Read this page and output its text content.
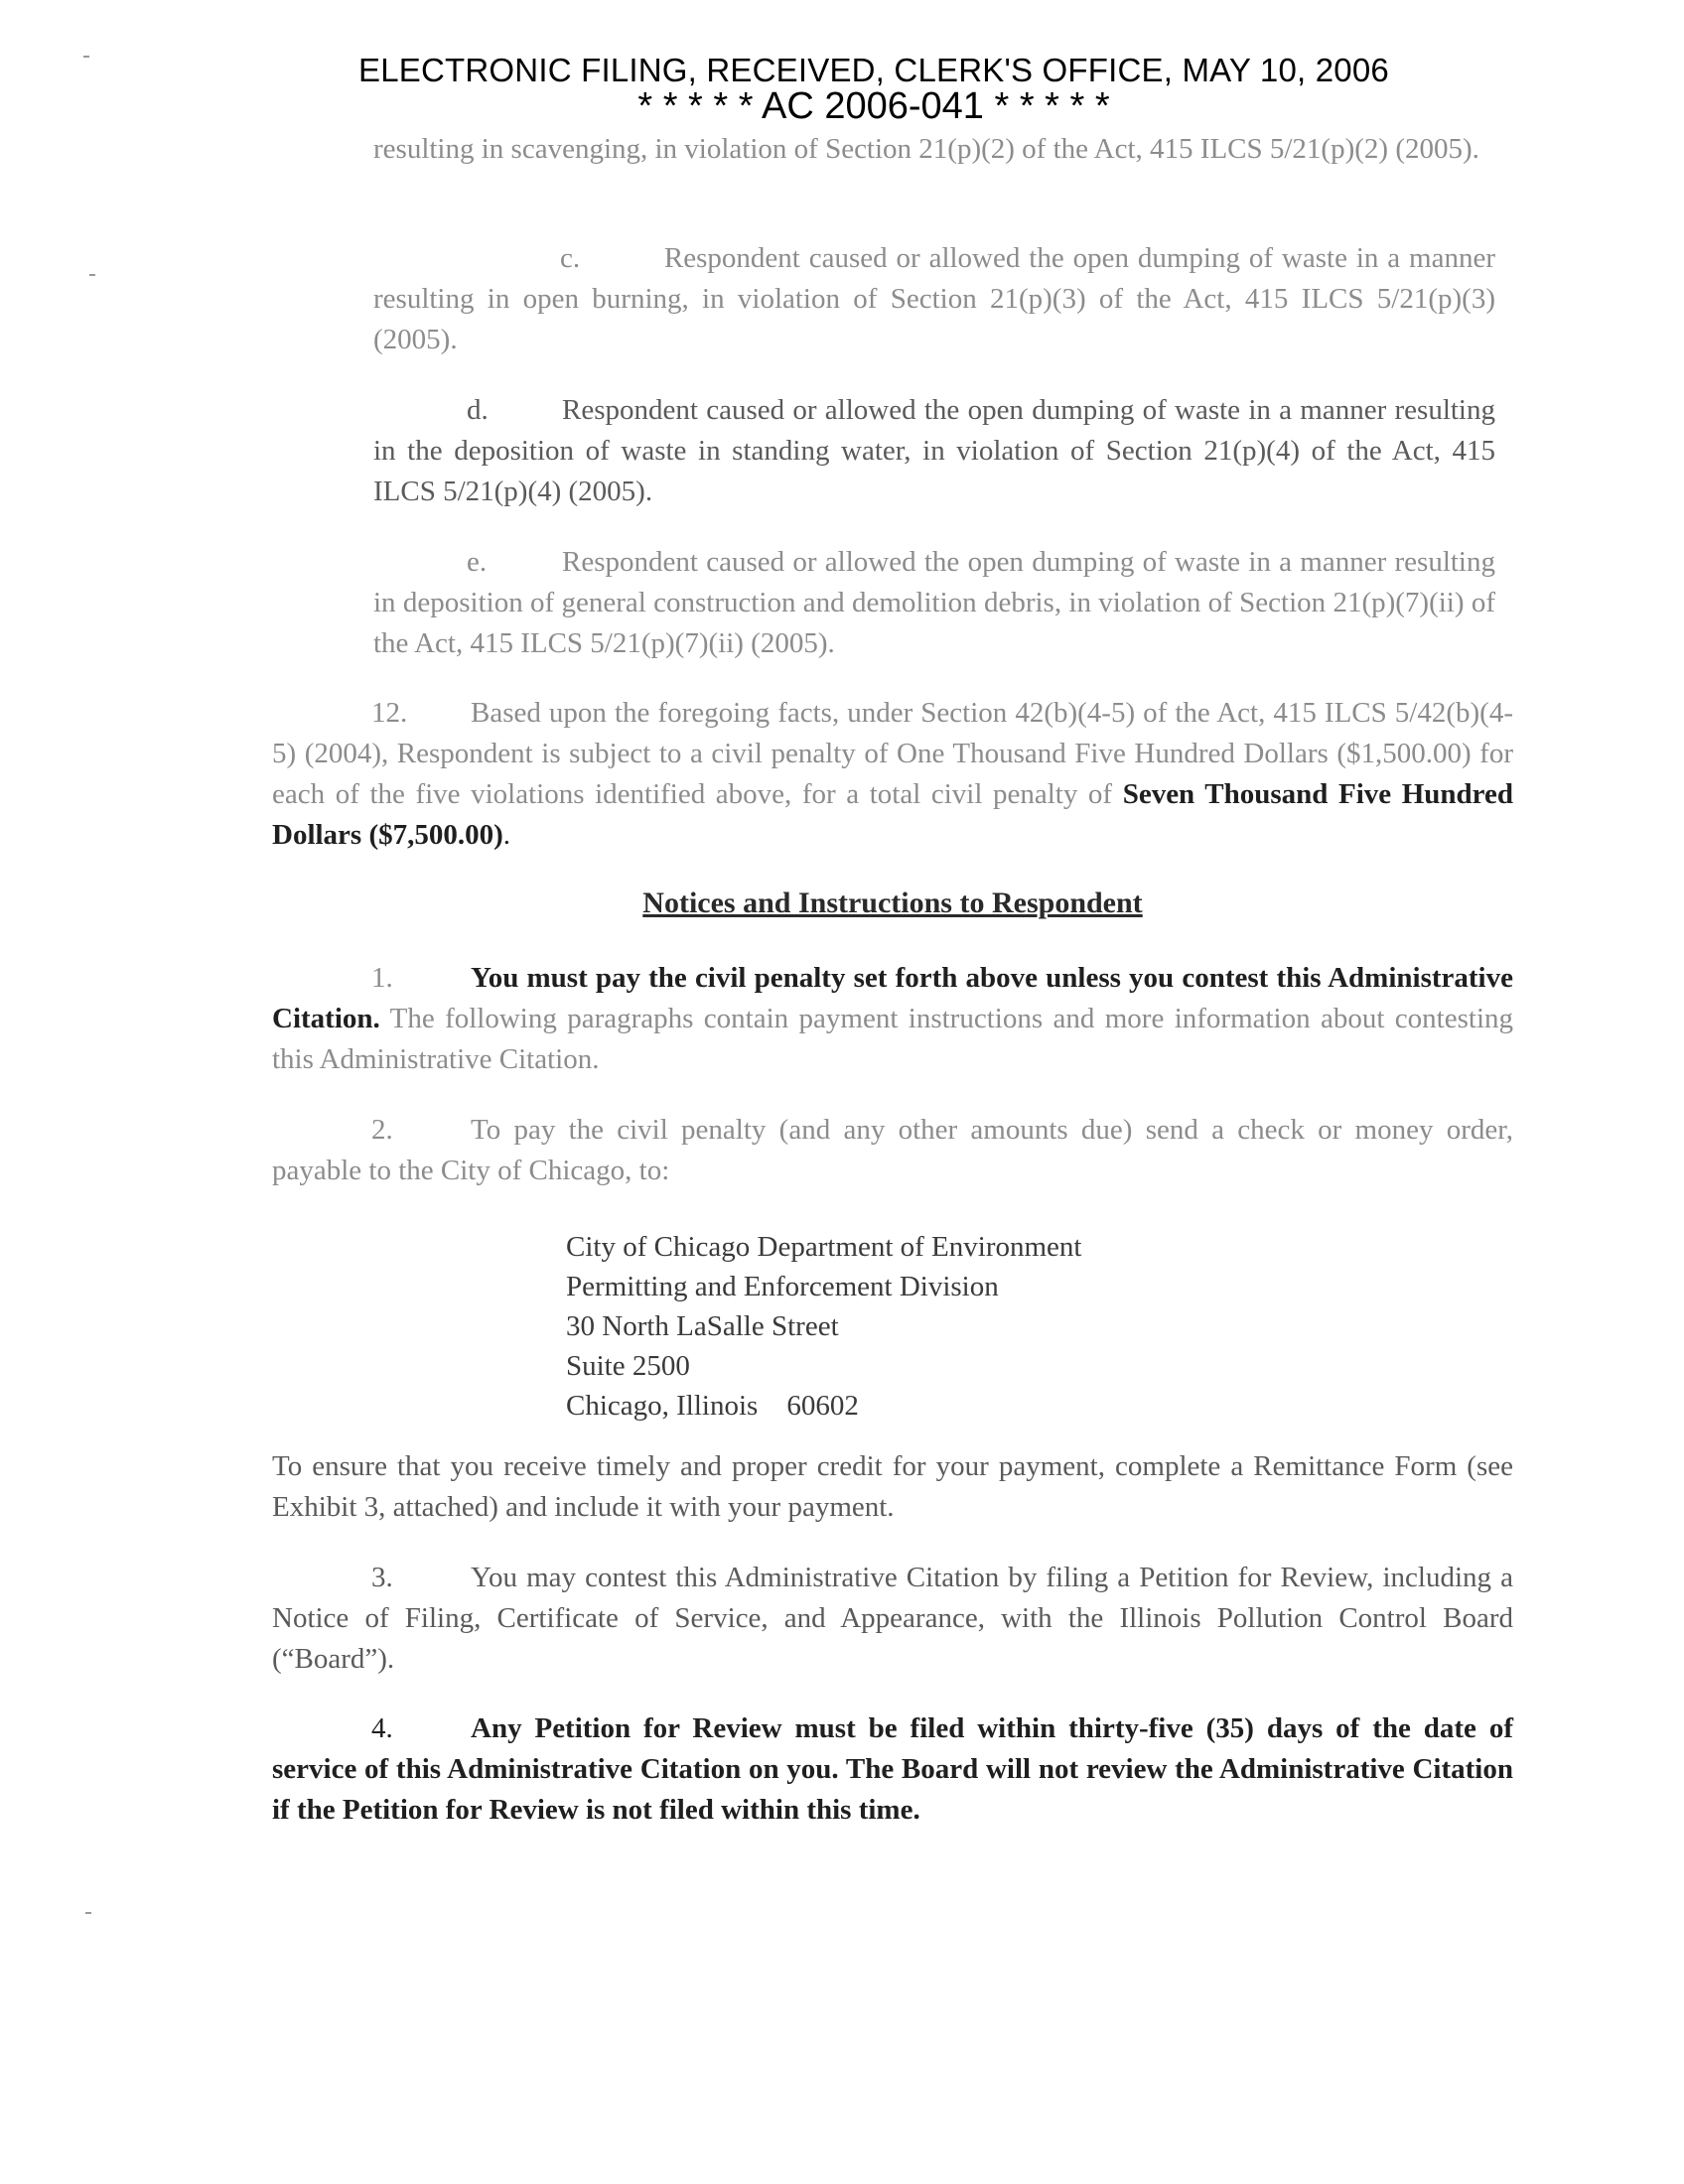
ELECTRONIC FILING, RECEIVED, CLERK'S OFFICE, MAY 10, 2006
* * * * * AC 2006-041 * * * * *
resulting in scavenging, in violation of Section 21(p)(2) of the Act, 415 ILCS 5/21(p)(2) (2005).
c.	Respondent caused or allowed the open dumping of waste in a manner resulting in open burning, in violation of Section 21(p)(3) of the Act, 415 ILCS 5/21(p)(3) (2005).
d.	Respondent caused or allowed the open dumping of waste in a manner resulting in the deposition of waste in standing water, in violation of Section 21(p)(4) of the Act, 415 ILCS 5/21(p)(4) (2005).
e.	Respondent caused or allowed the open dumping of waste in a manner resulting in deposition of general construction and demolition debris, in violation of Section 21(p)(7)(ii) of the Act, 415 ILCS 5/21(p)(7)(ii) (2005).
12. Based upon the foregoing facts, under Section 42(b)(4-5) of the Act, 415 ILCS 5/42(b)(4-5) (2004), Respondent is subject to a civil penalty of One Thousand Five Hundred Dollars ($1,500.00) for each of the five violations identified above, for a total civil penalty of Seven Thousand Five Hundred Dollars ($7,500.00).
Notices and Instructions to Respondent
1.	You must pay the civil penalty set forth above unless you contest this Administrative Citation. The following paragraphs contain payment instructions and more information about contesting this Administrative Citation.
2.	To pay the civil penalty (and any other amounts due) send a check or money order, payable to the City of Chicago, to:
City of Chicago Department of Environment
Permitting and Enforcement Division
30 North LaSalle Street
Suite 2500
Chicago, Illinois    60602
To ensure that you receive timely and proper credit for your payment, complete a Remittance Form (see Exhibit 3, attached) and include it with your payment.
3.	You may contest this Administrative Citation by filing a Petition for Review, including a Notice of Filing, Certificate of Service, and Appearance, with the Illinois Pollution Control Board (“Board”).
4.	Any Petition for Review must be filed within thirty-five (35) days of the date of service of this Administrative Citation on you. The Board will not review the Administrative Citation if the Petition for Review is not filed within this time.
